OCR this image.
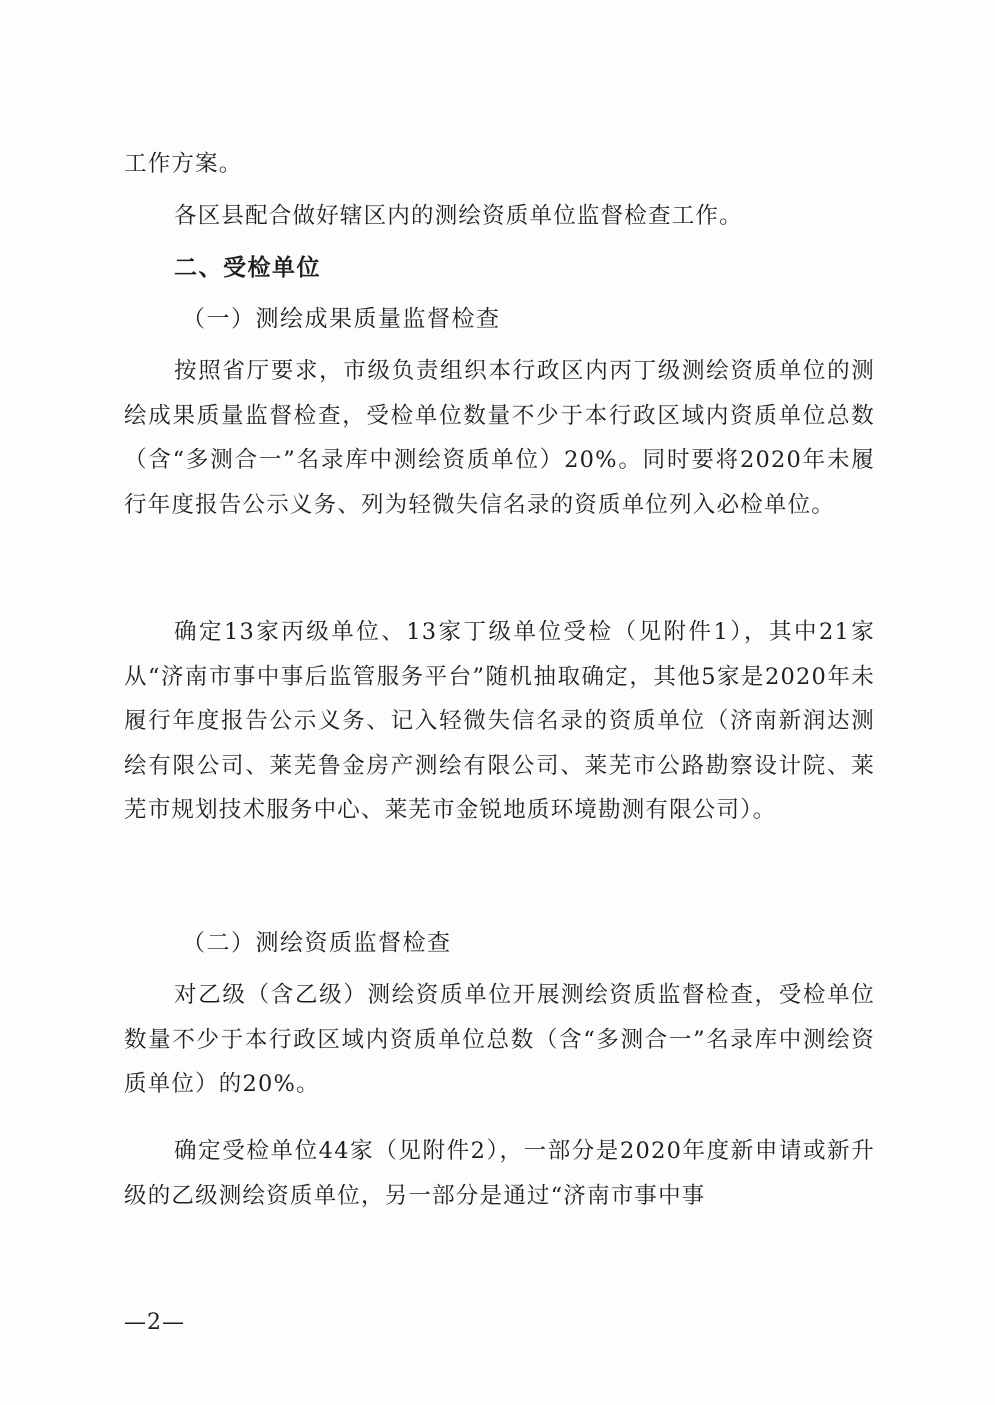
工作方案。

各区县配合做好辖区内的测绘资质单位监督检查工作。

二、受检单位

（一）测绘成果质量监督检查

按照省厅要求，市级负责组织本行政区内丙丁级测绘资质单位的测绘成果质量监督检查，受检单位数量不少于本行政区域内资质单位总数（含“多测合一”名录库中测绘资质单位）20%。同时要将2020年未履行年度报告公示义务、列为轻微失信名录的资质单位列入必检单位。

确定13家丙级单位、13家丁级单位受检（见附件1），其中21家从“济南市事中事后监管服务平台”随机抽取确定，其他5家是2020年未履行年度报告公示义务、记入轻微失信名录的资质单位（济南新润达测绘有限公司、莱芜鲁金房产测绘有限公司、莱芜市公路勘察设计院、莱芜市规划技术服务中心、莱芜市金锐地质环境勘测有限公司）。

（二）测绘资质监督检查

对乙级（含乙级）测绘资质单位开展测绘资质监督检查，受检单位数量不少于本行政区域内资质单位总数（含“多测合一”名录库中测绘资质单位）的20%。

确定受检单位44家（见附件2），一部分是2020年度新申请或新升级的乙级测绘资质单位，另一部分是通过“济南市事中事

—2—
